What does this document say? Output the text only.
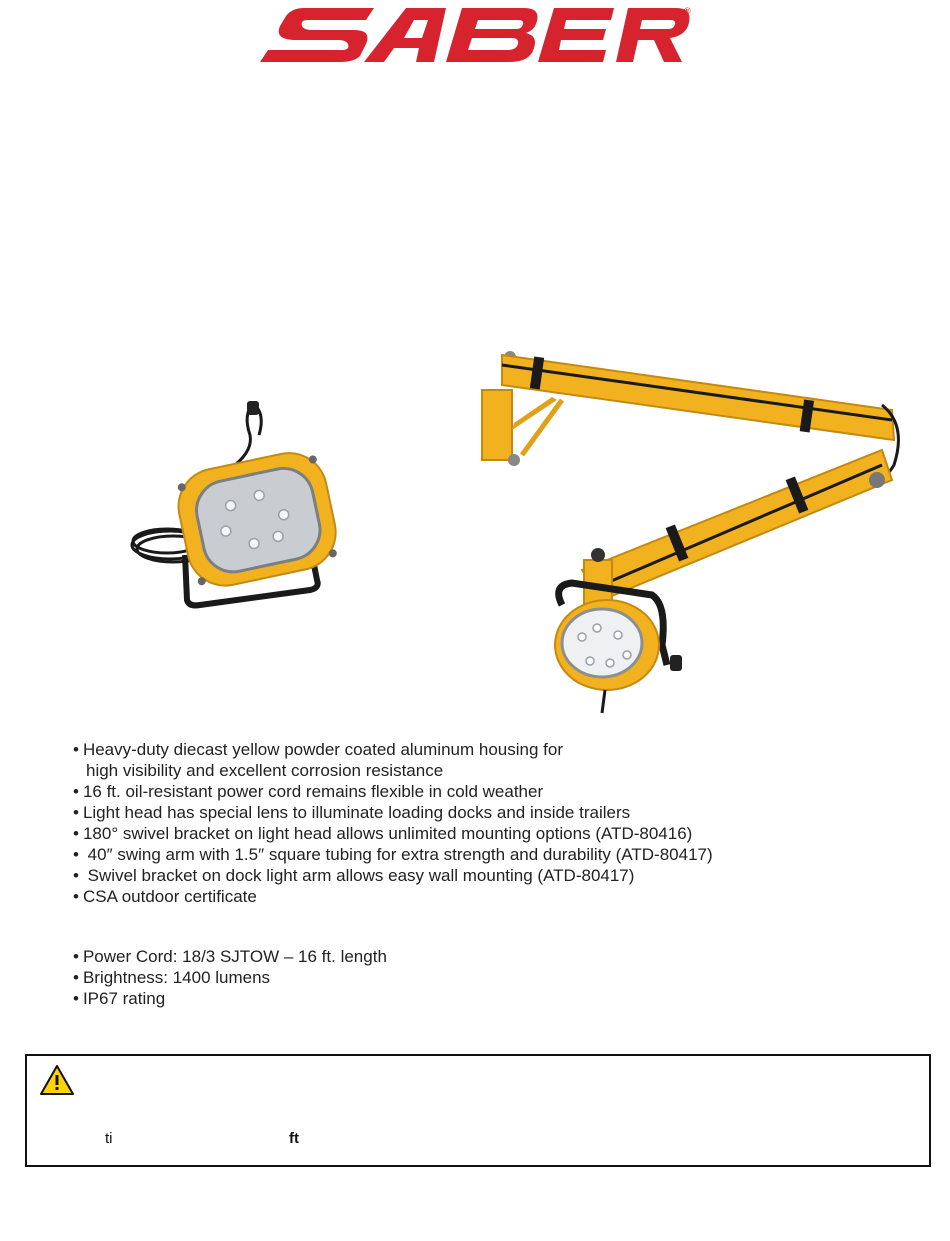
®
• Heavy-duty diecast yellow powder coated aluminum housing for
high visibility and excellent corrosion resistance
• 16 ft. oil-resistant power cord remains flexible in cold weather
• Light head has special lens to illuminate loading docks and inside trailers
• 180° swivel bracket on light head allows unlimited mounting options (ATD-80416)
• 40″ swing arm with 1.5″ square tubing for extra strength and durability (ATD-80417)
• Swivel bracket on dock light arm allows easy wall mounting (ATD-80417)
• CSA outdoor certificate
• Power Cord: 18/3 SJTOW – 16 ft. length
• Brightness: 1400 lumens
• IP67 rating
ti	ft
